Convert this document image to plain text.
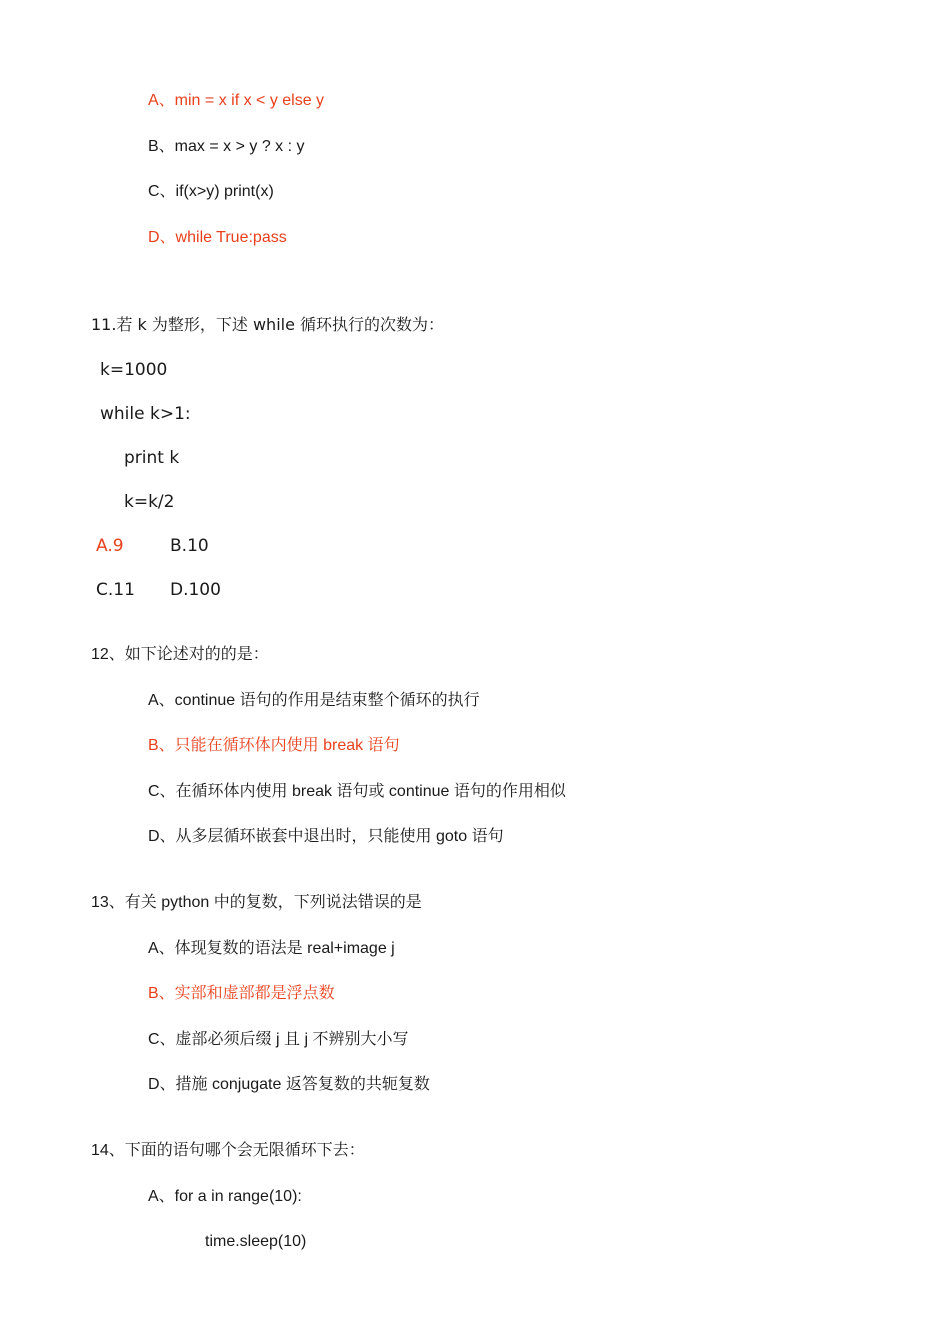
A、min = x if x < y else y
B、max = x > y ? x : y
C、if(x>y) print(x)
D、while True:pass
11.若 k 为整形，下述 while 循环执行的次数为：
k=1000
while k>1:
print k
k=k/2
A.9	B.10
C.11 D.100
12、如下论述对的的是：
A、continue 语句的作用是结束整个循环的执行
B、只能在循环体内使用 break 语句
C、在循环体内使用 break 语句或 continue 语句的作用相似
D、从多层循环嵌套中退出时，只能使用 goto 语句
13、有关 python 中的复数，下列说法错误的是
A、体现复数的语法是 real+image j
B、实部和虚部都是浮点数
C、虚部必须后缀 j 且 j 不辨别大小写
D、措施 conjugate 返答复数的共轭复数
14、下面的语句哪个会无限循环下去：
A、for a in range(10):
time.sleep(10)
